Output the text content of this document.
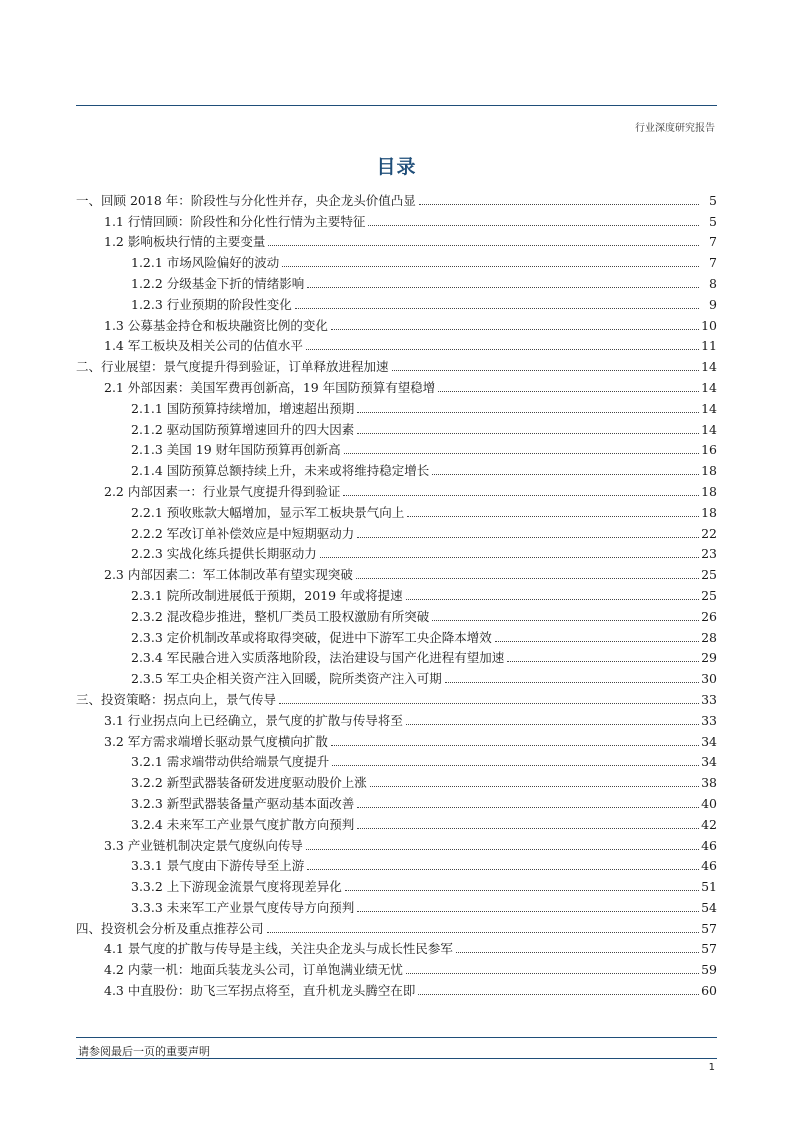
行业深度研究报告
目录
一、回顾 2018 年：阶段性与分化性并存，央企龙头价值凸显	5
1.1 行情回顾：阶段性和分化性行情为主要特征	5
1.2 影响板块行情的主要变量	7
1.2.1 市场风险偏好的波动	7
1.2.2 分级基金下折的情绪影响	8
1.2.3 行业预期的阶段性变化	9
1.3 公募基金持仓和板块融资比例的变化	10
1.4 军工板块及相关公司的估值水平	11
二、行业展望：景气度提升得到验证，订单释放进程加速	14
2.1 外部因素：美国军费再创新高，19 年国防预算有望稳增	14
2.1.1 国防预算持续增加，增速超出预期	14
2.1.2 驱动国防预算增速回升的四大因素	14
2.1.3 美国 19 财年国防预算再创新高	16
2.1.4 国防预算总额持续上升，未来或将维持稳定增长	18
2.2 内部因素一：行业景气度提升得到验证	18
2.2.1 预收账款大幅增加，显示军工板块景气向上	18
2.2.2 军改订单补偿效应是中短期驱动力	22
2.2.3 实战化练兵提供长期驱动力	23
2.3 内部因素二：军工体制改革有望实现突破	25
2.3.1 院所改制进展低于预期，2019 年或将提速	25
2.3.2 混改稳步推进，整机厂类员工股权激励有所突破	26
2.3.3 定价机制改革或将取得突破，促进中下游军工央企降本增效	28
2.3.4 军民融合进入实质落地阶段，法治建设与国产化进程有望加速	29
2.3.5 军工央企相关资产注入回暖，院所类资产注入可期	30
三、投资策略：拐点向上，景气传导	33
3.1 行业拐点向上已经确立，景气度的扩散与传导将至	33
3.2 军方需求端增长驱动景气度横向扩散	34
3.2.1 需求端带动供给端景气度提升	34
3.2.2 新型武器装备研发进度驱动股价上涨	38
3.2.3 新型武器装备量产驱动基本面改善	40
3.2.4 未来军工产业景气度扩散方向预判	42
3.3 产业链机制决定景气度纵向传导	46
3.3.1 景气度由下游传导至上游	46
3.3.2 上下游现金流景气度将现差异化	51
3.3.3 未来军工产业景气度传导方向预判	54
四、投资机会分析及重点推荐公司	57
4.1 景气度的扩散与传导是主线，关注央企龙头与成长性民参军	57
4.2 内蒙一机：地面兵装龙头公司，订单饱满业绩无忧	59
4.3 中直股份：助飞三军拐点将至，直升机龙头腾空在即	60
请参阅最后一页的重要声明
1
